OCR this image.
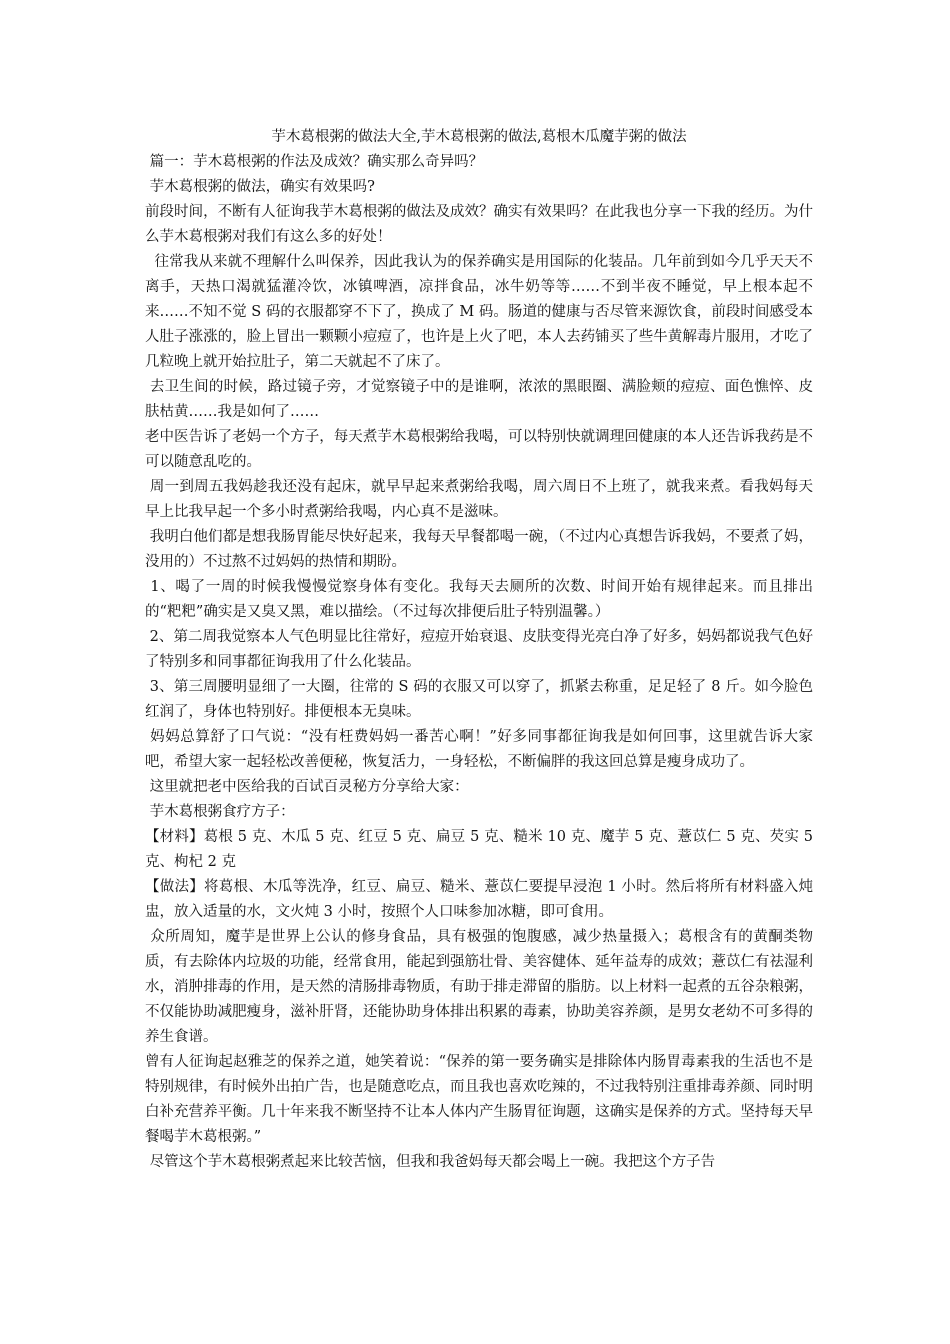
芋木葛根粥的做法大全,芋木葛根粥的做法,葛根木瓜魔芋粥的做法

篇一：芋木葛根粥的作法及成效？确实那么奇异吗？

芋木葛根粥的做法，确实有效果吗?

前段时间，不断有人征询我芋木葛根粥的做法及成效？确实有效果吗？在此我也分享一下我的经历。为什么芋木葛根粥对我们有这么多的好处！

往常我从来就不理解什么叫保养，因此我认为的保养确实是用国际的化装品。几年前到如今几乎天天不离手，天热口渴就猛灌冷饮，冰镇啤酒，凉拌食品，冰牛奶等等……不到半夜不睡觉，早上根本起不来……不知不觉 S 码的衣服都穿不下了，换成了 M 码。肠道的健康与否尽管来源饮食，前段时间感受本人肚子涨涨的，脸上冒出一颗颗小痘痘了，也许是上火了吧，本人去药铺买了些牛黄解毒片服用，才吃了几粒晚上就开始拉肚子，第二天就起不了床了。

去卫生间的时候，路过镜子旁，才觉察镜子中的是谁啊，浓浓的黑眼圈、满脸颊的痘痘、面色憔悴、皮肤枯黄……我是如何了……

老中医告诉了老妈一个方子，每天煮芋木葛根粥给我喝，可以特别快就调理回健康的本人还告诉我药是不可以随意乱吃的。

周一到周五我妈趁我还没有起床，就早早起来煮粥给我喝，周六周日不上班了，就我来煮。看我妈每天早上比我早起一个多小时煮粥给我喝，内心真不是滋味。

我明白他们都是想我肠胃能尽快好起来，我每天早餐都喝一碗，（不过内心真想告诉我妈，不要煮了妈，没用的）不过熬不过妈妈的热情和期盼。

1、喝了一周的时候我慢慢觉察身体有变化。我每天去厕所的次数、时间开始有规律起来。而且排出的“粑粑”确实是又臭又黑，难以描绘。（不过每次排便后肚子特别温馨。）

2、第二周我觉察本人气色明显比往常好，痘痘开始衰退、皮肤变得光亮白净了好多，妈妈都说我气色好了特别多和同事都征询我用了什么化装品。

3、第三周腰明显细了一大圈，往常的 S 码的衣服又可以穿了，抓紧去称重，足足轻了 8 斤。如今脸色红润了，身体也特别好。排便根本无臭味。

妈妈总算舒了口气说：“没有枉费妈妈一番苦心啊！”好多同事都征询我是如何回事，这里就告诉大家吧，希望大家一起轻松改善便秘，恢复活力，一身轻松，不断偏胖的我这回总算是瘦身成功了。

这里就把老中医给我的百试百灵秘方分享给大家：

芋木葛根粥食疗方子：

【材料】葛根 5 克、木瓜 5 克、红豆 5 克、扁豆 5 克、糙米 10 克、魔芋 5 克、薏苡仁 5 克、芡实 5 克、枸杞 2 克

【做法】将葛根、木瓜等洗净，红豆、扁豆、糙米、薏苡仁要提早浸泡 1 小时。然后将所有材料盛入炖盅，放入适量的水，文火炖 3 小时，按照个人口味参加冰糖，即可食用。

众所周知，魔芋是世界上公认的修身食品，具有极强的饱腹感，减少热量摄入；葛根含有的黄酮类物质，有去除体内垃圾的功能，经常食用，能起到强筋壮骨、美容健体、延年益寿的成效；薏苡仁有祛湿利水，消肿排毒的作用，是天然的清肠排毒物质，有助于排走滞留的脂肪。以上材料一起煮的五谷杂粮粥，不仅能协助减肥瘦身，滋补肝肾，还能协助身体排出积累的毒素，协助美容养颜，是男女老幼不可多得的养生食谱。

曾有人征询起赵雅芝的保养之道，她笑着说：“保养的第一要务确实是排除体内肠胃毒素我的生活也不是特别规律，有时候外出拍广告，也是随意吃点，而且我也喜欢吃辣的，不过我特别注重排毒养颜、同时明白补充营养平衡。几十年来我不断坚持不让本人体内产生肠胃征询题，这确实是保养的方式。坚持每天早餐喝芋木葛根粥。”

尽管这个芋木葛根粥煮起来比较苦恼，但我和我爸妈每天都会喝上一碗。我把这个方子告
